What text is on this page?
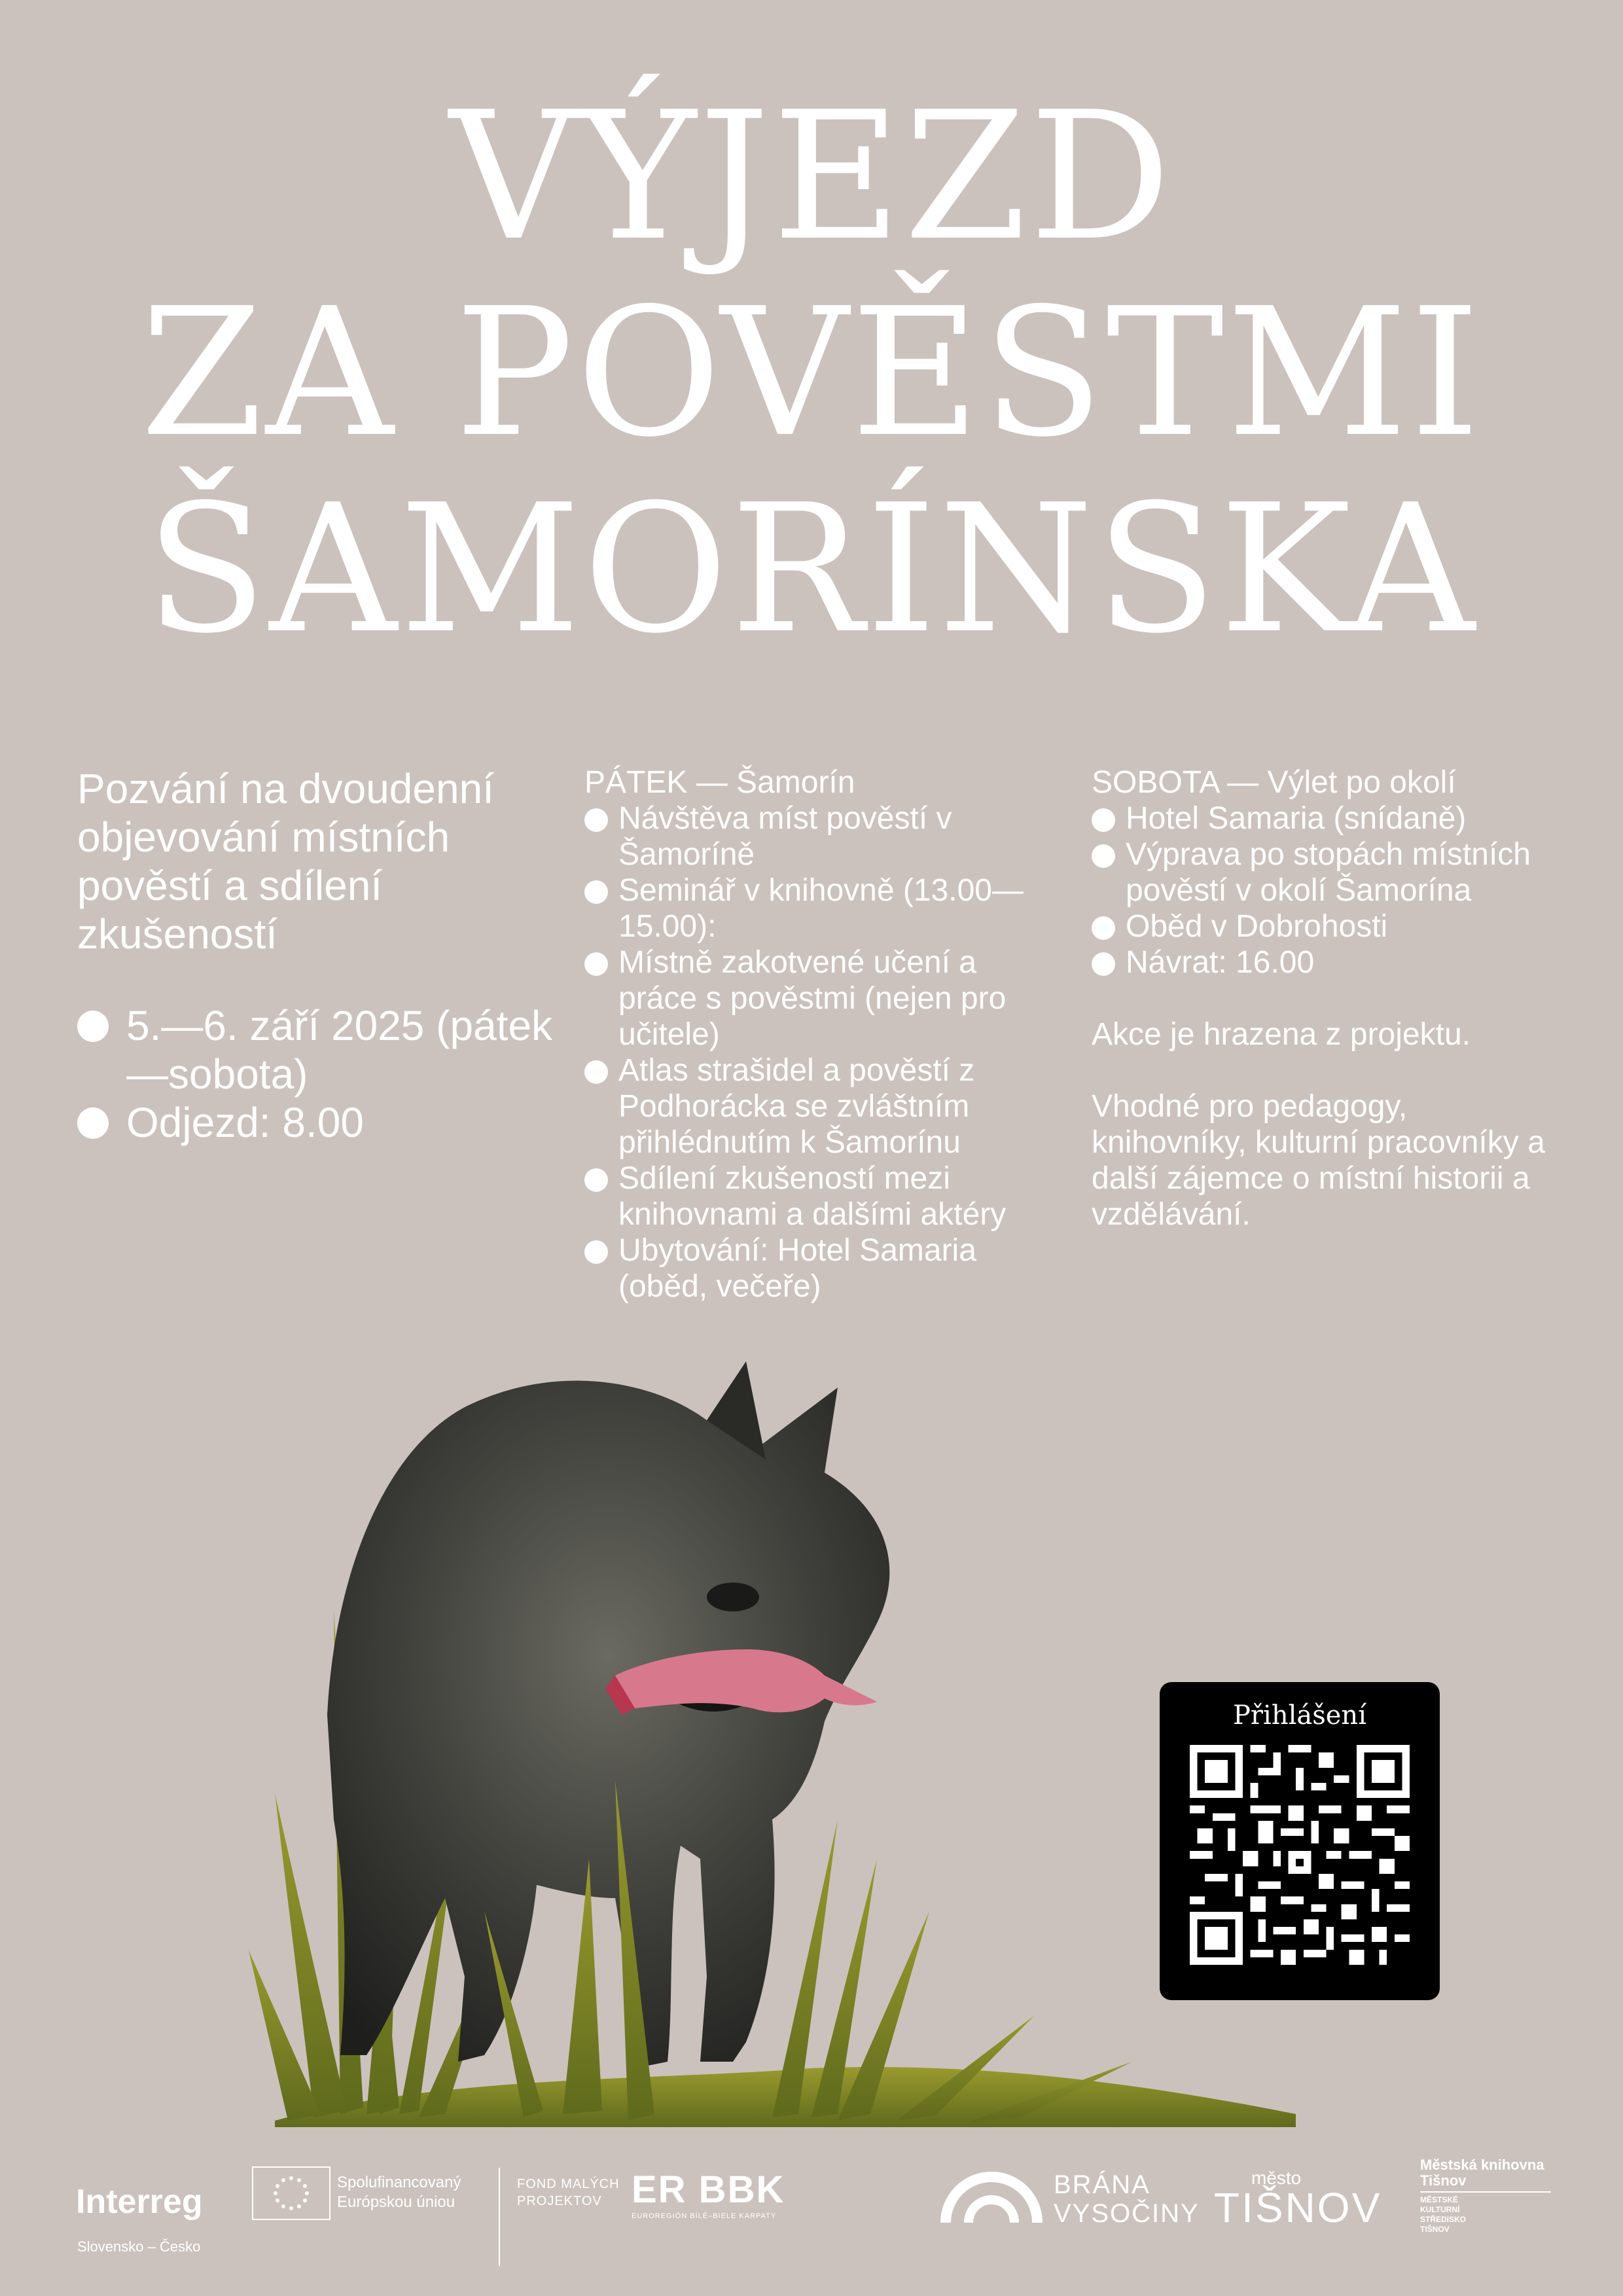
VÝJEZD
ZA POVĚSTMI
ŠAMORÍNSKA

Pozvání na dvoudenní objevování místních pověstí a sdílení zkušeností

5.—6. září 2025 (pátek—sobota)
Odjezd: 8.00

PÁTEK — Šamorín

Návštěva míst pověstí v Šamoríně
Seminář v knihovně (13.00—15.00):
Místně zakotvené učení a práce s pověstmi (nejen pro učitele)
Atlas strašidel a pověstí z Podhorácka se zvláštním přihlédnutím k Šamorínu
Sdílení zkušeností mezi knihovnami a dalšími aktéry
Ubytování: Hotel Samaria (oběd, večeře)

SOBOTA — Výlet po okolí

Hotel Samaria (snídaně)
Výprava po stopách místních pověstí v okolí Šamorína
Oběd v Dobrohosti
Návrat: 16.00

Akce je hrazena z projektu.

Vhodné pro pedagogy, knihovníky, kulturní pracovníky a další zájemce o místní historii a vzdělávání.

Přihlášení
Interreg
Slovensko – Česko
Spolufinancovaný Európskou úniou
FOND MALÝCH PROJEKTOV ER BBK
EUROREGIÓN BÍLÉ–BIELE KARPATY
BRÁNA
VYSOČINY
město
TIŠNOV
Městská knihovna Tišnov
MĚSTSKÉ KULTURNÍ STŘEDISKO TIŠNOV
